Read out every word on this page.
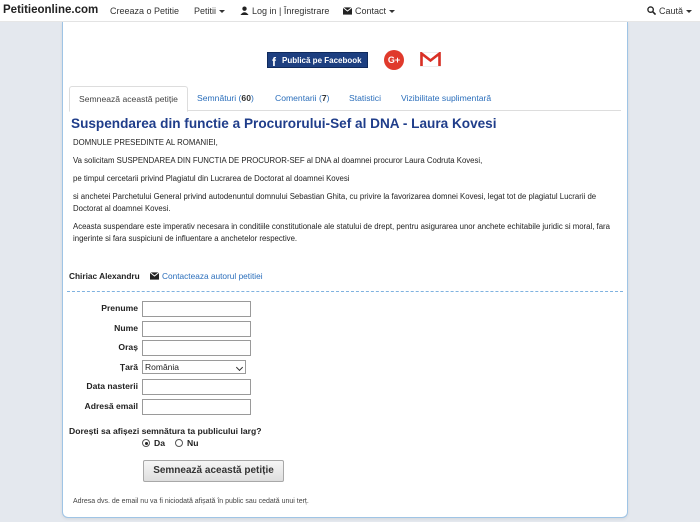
Petitieonline.com Creeaza o Petitie Petitii	Log in | Înregistrare	Contact	Caută
f Publică pe Facebook	G+
Semnează această petiție	Semnături (60) Comentarii (7) Statistici Vizibilitate suplimentară
Suspendarea din functie a Procurorului-Sef al DNA - Laura Kovesi
DOMNULE PRESEDINTE AL ROMANIEI,
Va solicitam SUSPENDAREA DIN FUNCTIA DE PROCUROR-SEF al DNA al doamnei procuror Laura Codruta Kovesi,
pe timpul cercetarii privind Plagiatul din Lucrarea de Doctorat al doamnei Kovesi
si anchetei Parchetului General privind autodenuntul domnului Sebastian Ghita, cu privire la favorizarea domnei Kovesi, legat tot de plagiatul Lucrarii de Doctorat al doamnei Kovesi.
Aceasta suspendare este imperativ necesara in conditiile constitutionale ale statului de drept, pentru asigurarea unor anchete echitabile juridic si moral, fara ingerinte si fara suspiciuni de influentare a anchetelor respective.
Chiriac Alexandru	Contacteaza autorul petitiei
Prenume
Nume
Oraș
Țară România
Data nasterii
Adresă email
Dorești sa afișezi semnătura ta publicului larg?
Da	Nu
Semnează această petiție
Adresa dvs. de email nu va fi niciodată afișată în public sau cedată unui terț.
